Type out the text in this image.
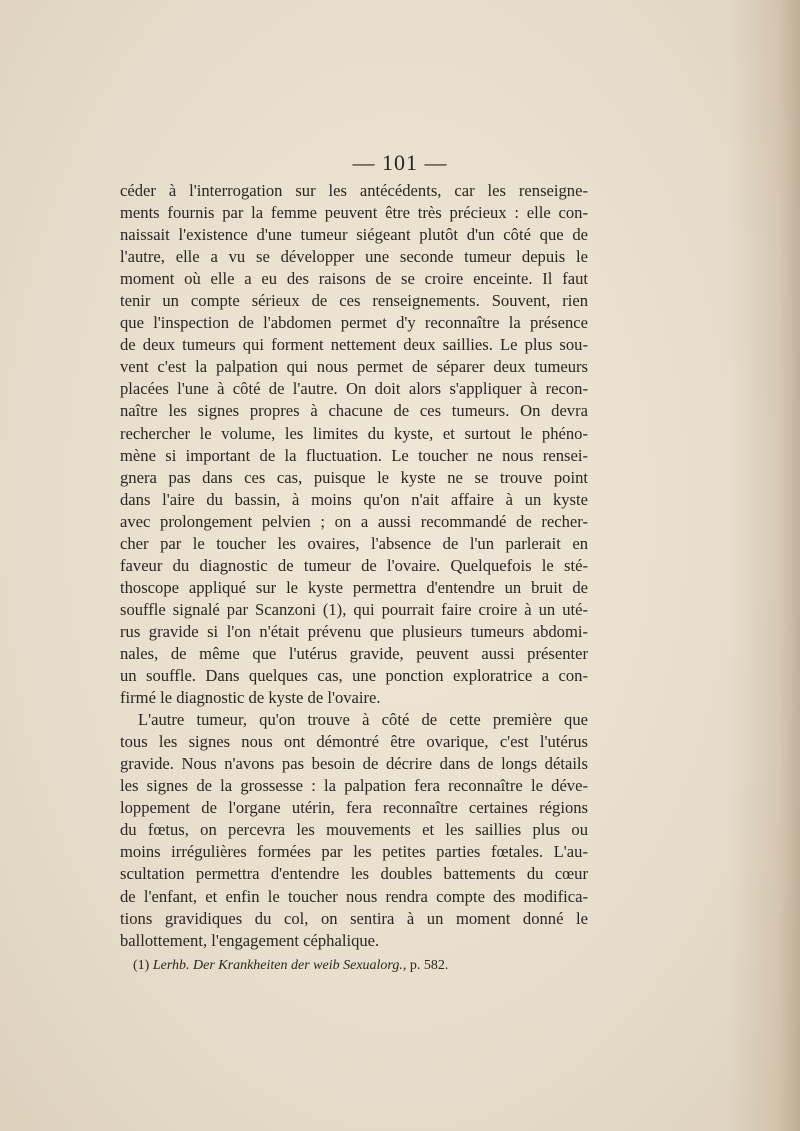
— 101 —
céder à l'interrogation sur les antécédents, car les renseigne-
ments fournis par la femme peuvent être très précieux : elle con-
naissait l'existence d'une tumeur siégeant plutôt d'un côté que de
l'autre, elle a vu se développer une seconde tumeur depuis le
moment où elle a eu des raisons de se croire enceinte. Il faut
tenir un compte sérieux de ces renseignements. Souvent, rien
que l'inspection de l'abdomen permet d'y reconnaître la présence
de deux tumeurs qui forment nettement deux saillies. Le plus sou-
vent c'est la palpation qui nous permet de séparer deux tumeurs
placées l'une à côté de l'autre. On doit alors s'appliquer à recon-
naître les signes propres à chacune de ces tumeurs. On devra
rechercher le volume, les limites du kyste, et surtout le phéno-
mène si important de la fluctuation. Le toucher ne nous rensei-
gnera pas dans ces cas, puisque le kyste ne se trouve point
dans l'aire du bassin, à moins qu'on n'ait affaire à un kyste
avec prolongement pelvien ; on a aussi recommandé de recher-
cher par le toucher les ovaires, l'absence de l'un parlerait en
faveur du diagnostic de tumeur de l'ovaire. Quelquefois le sté-
thoscope appliqué sur le kyste permettra d'entendre un bruit de
souffle signalé par Scanzoni (1), qui pourrait faire croire à un uté-
rus gravide si l'on n'était prévenu que plusieurs tumeurs abdomi-
nales, de même que l'utérus gravide, peuvent aussi présenter
un souffle. Dans quelques cas, une ponction exploratrice a con-
firmé le diagnostic de kyste de l'ovaire.
L'autre tumeur, qu'on trouve à côté de cette première que
tous les signes nous ont démontré être ovarique, c'est l'utérus
gravide. Nous n'avons pas besoin de décrire dans de longs détails
les signes de la grossesse : la palpation fera reconnaître le déve-
loppement de l'organe utérin, fera reconnaître certaines régions
du fœtus, on percevra les mouvements et les saillies plus ou
moins irrégulières formées par les petites parties fœtales. L'au-
scultation permettra d'entendre les doubles battements du cœur
de l'enfant, et enfin le toucher nous rendra compte des modifica-
tions gravidiques du col, on sentira à un moment donné le
ballottement, l'engagement céphalique.
(1) Lerhb. Der Krankheiten der weib Sexualorg., p. 582.
